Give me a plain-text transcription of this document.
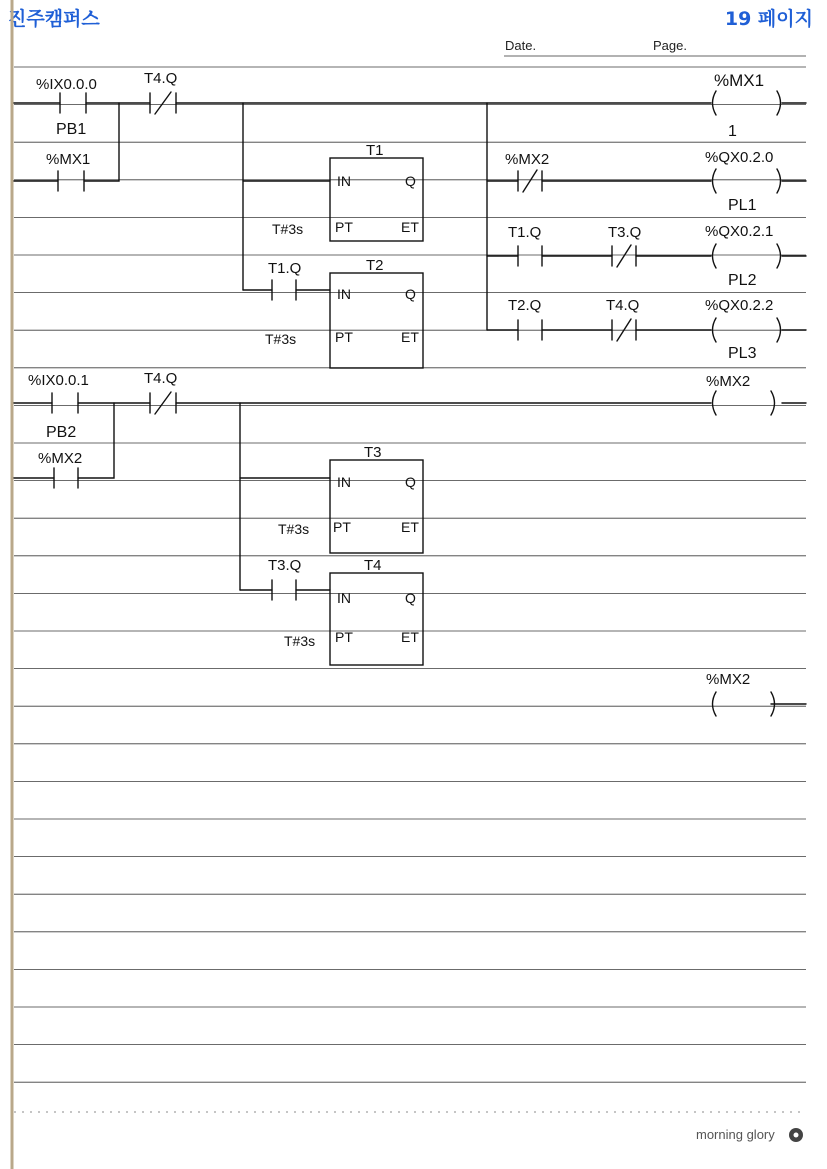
진주캠퍼스	19 페이지
Date.	Page.
morning glory
%IX0.0.0
PB1
%MX1
T4.Q	%MX1
1
T1
IN	Q
PT	ET
T#3s
T1.Q	T2
IN	Q
PT	ET
T#3s
%MX2	%QX0.2.0
PL1
T1.Q	T3.Q	%QX0.2.1
PL2
T2.Q	T4.Q	%QX0.2.2
PL3
%IX0.0.1
PB2
%MX2
T4.Q	%MX2
T3
IN	Q
PT	ET
T#3s
T3.Q	T4
IN	Q
PT	ET
T#3s
%MX2
